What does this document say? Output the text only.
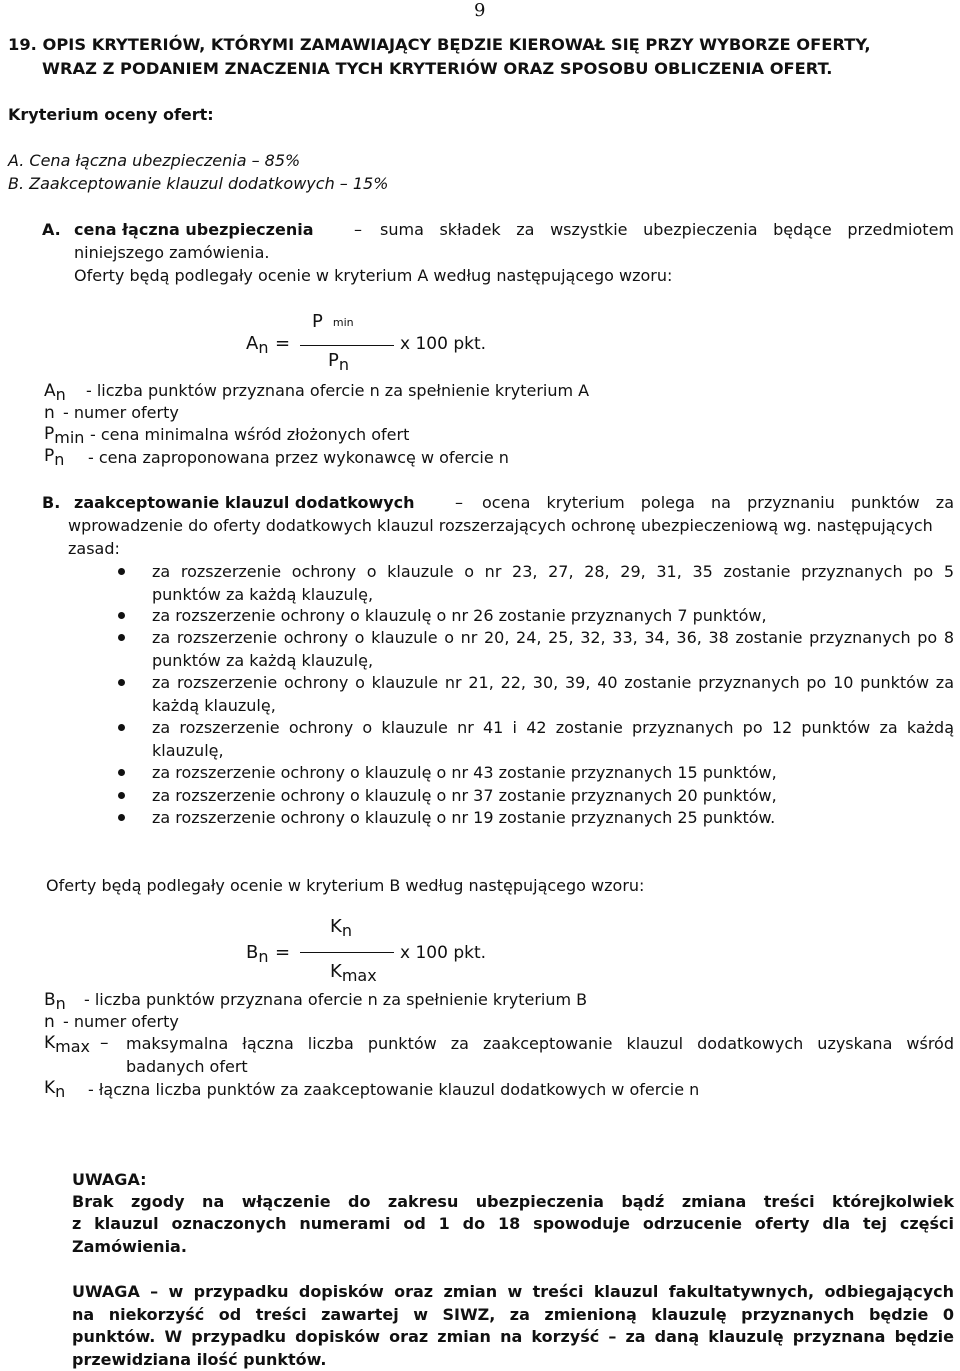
9
19. OPIS KRYTERIÓW, KTÓRYMI ZAMAWIAJĄCY BĘDZIE KIEROWAŁ SIĘ PRZY WYBORZE OFERTY,
WRAZ Z PODANIEM ZNACZENIA TYCH KRYTERIÓW ORAZ SPOSOBU OBLICZENIA OFERT.
Kryterium oceny ofert:
A. Cena łączna ubezpieczenia – 85%
B. Zaakceptowanie klauzul dodatkowych – 15%
A. cena łączna ubezpieczenia	– suma składek za wszystkie ubezpieczenia będące przedmiotem
niniejszego zamówienia.
Oferty będą podlegały ocenie w kryterium A według następującego wzoru:
Pmin
An =	x 100 pkt.
Pn
An - liczba punktów przyznana ofercie n za spełnienie kryterium A
n - numer oferty
Pmin - cena minimalna wśród złożonych ofert
Pn - cena zaproponowana przez wykonawcę w ofercie n
B. zaakceptowanie klauzul dodatkowych	– ocena kryterium polega na przyznaniu punktów za
wprowadzenie do oferty dodatkowych klauzul rozszerzających ochronę ubezpieczeniową wg. następujących
zasad:
za rozszerzenie ochrony o klauzule o nr 23, 27, 28, 29, 31, 35 zostanie przyznanych po 5
punktów za każdą klauzulę,
za rozszerzenie ochrony o klauzulę o nr 26 zostanie przyznanych 7 punktów,
za rozszerzenie ochrony o klauzule o nr 20, 24, 25, 32, 33, 34, 36, 38 zostanie przyznanych po 8
punktów za każdą klauzulę,
za rozszerzenie ochrony o klauzule nr 21, 22, 30, 39, 40 zostanie przyznanych po 10 punktów za
każdą klauzulę,
za rozszerzenie ochrony o klauzule nr 41 i 42 zostanie przyznanych po 12 punktów za każdą
klauzulę,
za rozszerzenie ochrony o klauzulę o nr 43 zostanie przyznanych 15 punktów,
za rozszerzenie ochrony o klauzulę o nr 37 zostanie przyznanych 20 punktów,
za rozszerzenie ochrony o klauzulę o nr 19 zostanie przyznanych 25 punktów.
Oferty będą podlegały ocenie w kryterium B według następującego wzoru:
Kn
Bn =	x 100 pkt.
Kmax
Bn - liczba punktów przyznana ofercie n za spełnienie kryterium B
n - numer oferty
Kmax – maksymalna łączna liczba punktów za zaakceptowanie klauzul dodatkowych uzyskana wśród
badanych ofert
Kn - łączna liczba punktów za zaakceptowanie klauzul dodatkowych w ofercie n
UWAGA:
Brak zgody na włączenie do zakresu ubezpieczenia bądź zmiana treści którejkolwiek
z klauzul oznaczonych numerami od 1 do 18 spowoduje odrzucenie oferty dla tej części
Zamówienia.
UWAGA – w przypadku dopisków oraz zmian w treści klauzul fakultatywnych, odbiegających
na niekorzyść od treści zawartej w SIWZ, za zmienioną klauzulę przyznanych będzie 0
punktów. W przypadku dopisków oraz zmian na korzyść – za daną klauzulę przyznana będzie
przewidziana ilość punktów.
